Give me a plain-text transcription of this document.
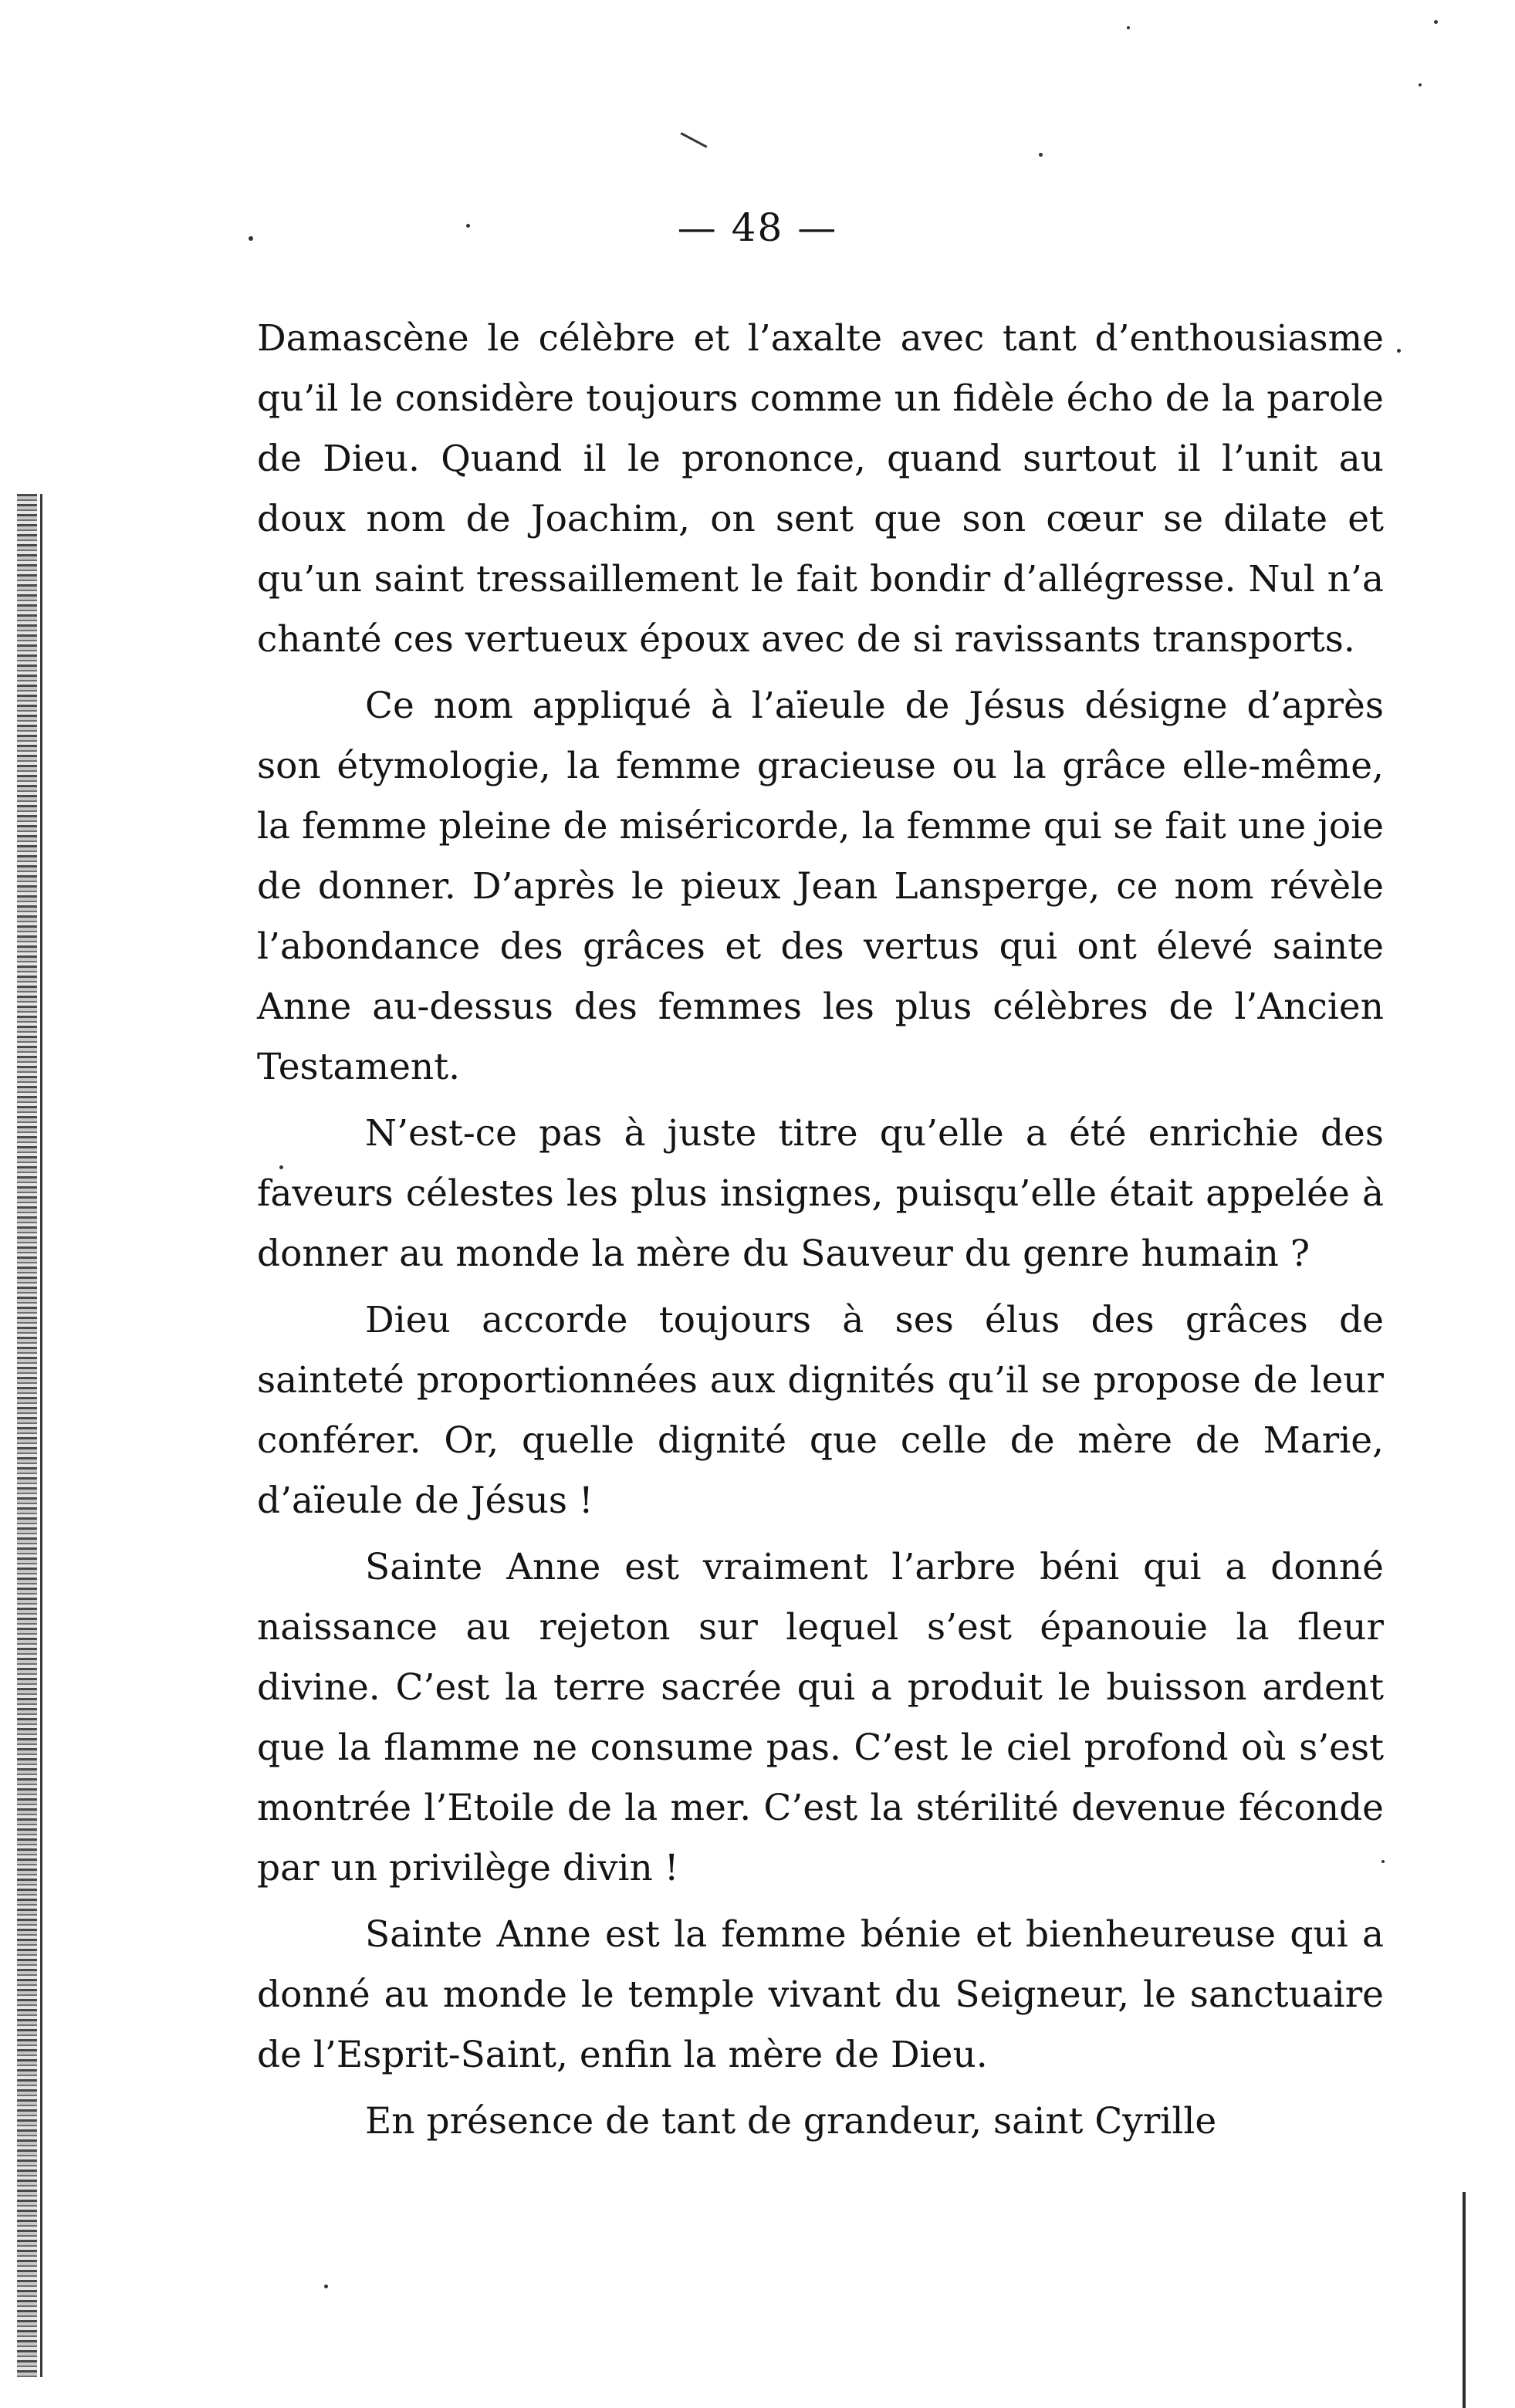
— 48 —

Damascène le célèbre et l’axalte avec tant d’enthousiasme qu’il le considère toujours comme un fidèle écho de la parole de Dieu. Quand il le prononce, quand surtout il l’unit au doux nom de Joachim, on sent que son cœur se dilate et qu’un saint tressaillement le fait bondir d’allégresse. Nul n’a chanté ces vertueux époux avec de si ravissants transports.

Ce nom appliqué à l’aïeule de Jésus désigne d’après son étymologie, la femme gracieuse ou la grâce elle-même, la femme pleine de miséricorde, la femme qui se fait une joie de donner. D’après le pieux Jean Lansperge, ce nom révèle l’abondance des grâces et des vertus qui ont élevé sainte Anne au-dessus des femmes les plus célèbres de l’Ancien Testament.

N’est-ce pas à juste titre qu’elle a été enrichie des faveurs célestes les plus insignes, puisqu’elle était appelée à donner au monde la mère du Sauveur du genre humain ?

Dieu accorde toujours à ses élus des grâces de sainteté proportionnées aux dignités qu’il se propose de leur conférer. Or, quelle dignité que celle de mère de Marie, d’aïeule de Jésus !

Sainte Anne est vraiment l’arbre béni qui a donné naissance au rejeton sur lequel s’est épanouie la fleur divine. C’est la terre sacrée qui a produit le buisson ardent que la flamme ne consume pas. C’est le ciel profond où s’est montrée l’Etoile de la mer. C’est la stérilité devenue féconde par un privilège divin !

Sainte Anne est la femme bénie et bienheureuse qui a donné au monde le temple vivant du Seigneur, le sanctuaire de l’Esprit-Saint, enfin la mère de Dieu.

En présence de tant de grandeur, saint Cyrille
